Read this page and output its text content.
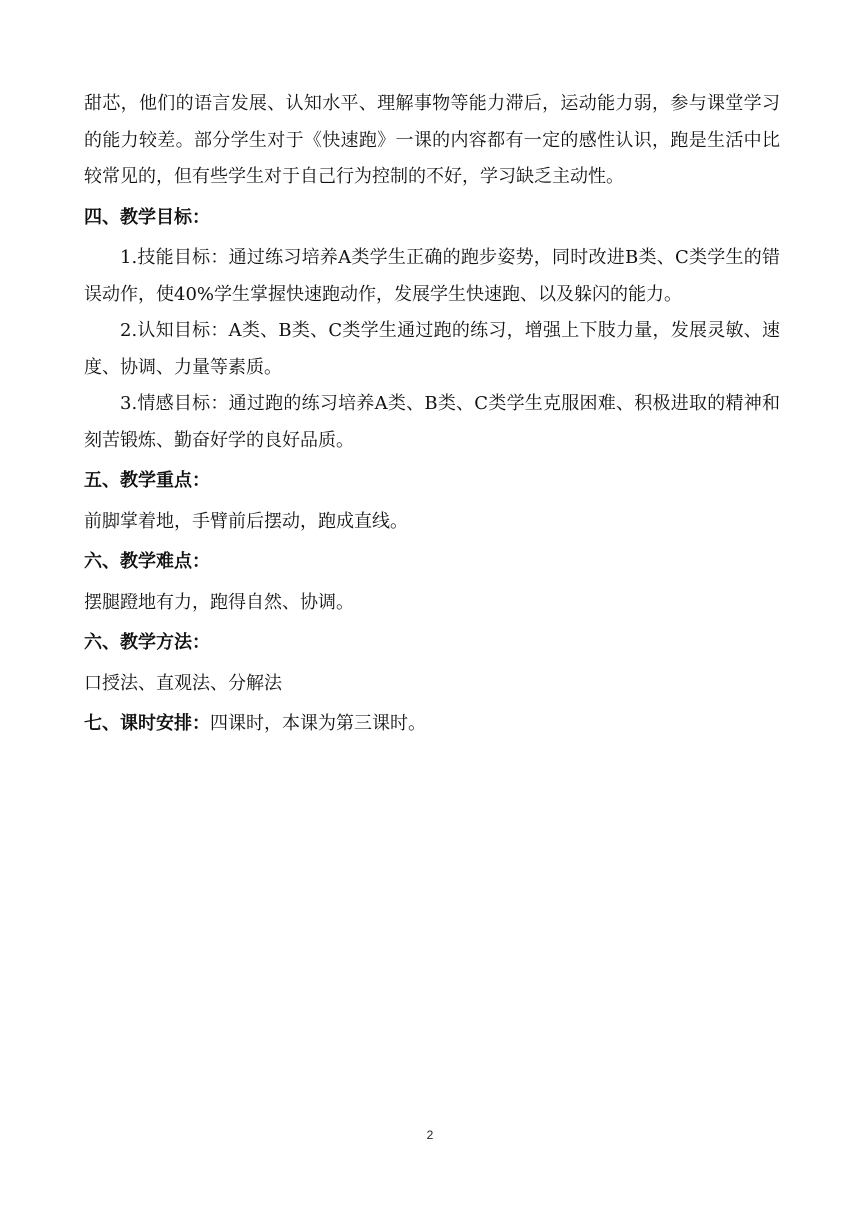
甜芯，他们的语言发展、认知水平、理解事物等能力滞后，运动能力弱，参与课堂学习的能力较差。部分学生对于《快速跑》一课的内容都有一定的感性认识，跑是生活中比较常见的，但有些学生对于自己行为控制的不好，学习缺乏主动性。

四、教学目标：

1.技能目标：通过练习培养A类学生正确的跑步姿势，同时改进B类、C类学生的错误动作，使40%学生掌握快速跑动作，发展学生快速跑、以及躲闪的能力。

2.认知目标：A类、B类、C类学生通过跑的练习，增强上下肢力量，发展灵敏、速度、协调、力量等素质。

3.情感目标：通过跑的练习培养A类、B类、C类学生克服困难、积极进取的精神和刻苦锻炼、勤奋好学的良好品质。

五、教学重点：

前脚掌着地，手臂前后摆动，跑成直线。

六、教学难点：

摆腿蹬地有力，跑得自然、协调。

六、教学方法：

口授法、直观法、分解法

七、课时安排：四课时，本课为第三课时。
2
